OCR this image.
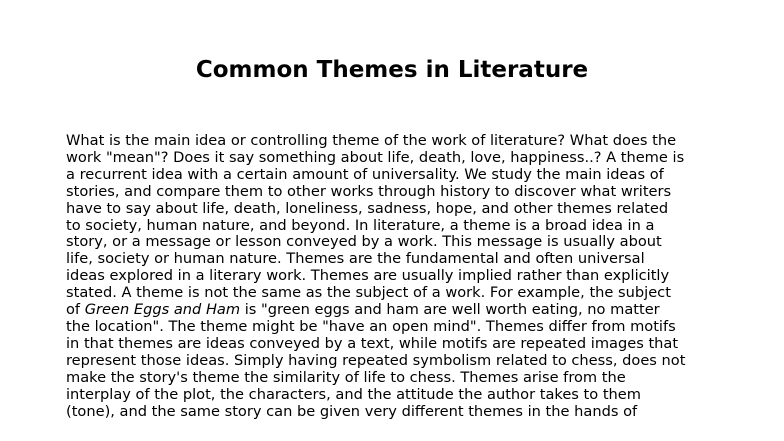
Common Themes in Literature
What is the main idea or controlling theme of the work of literature? What does the
work "mean"? Does it say something about life, death, love, happiness..? A theme is
a recurrent idea with a certain amount of universality. We study the main ideas of
stories, and compare them to other works through history to discover what writers
have to say about life, death, loneliness, sadness, hope, and other themes related
to society, human nature, and beyond. In literature, a theme is a broad idea in a
story, or a message or lesson conveyed by a work. This message is usually about
life, society or human nature. Themes are the fundamental and often universal
ideas explored in a literary work. Themes are usually implied rather than explicitly
stated. A theme is not the same as the subject of a work. For example, the subject
of Green Eggs and Ham is "green eggs and ham are well worth eating, no matter
the location". The theme might be "have an open mind". Themes differ from motifs
in that themes are ideas conveyed by a text, while motifs are repeated images that
represent those ideas. Simply having repeated symbolism related to chess, does not
make the story's theme the similarity of life to chess. Themes arise from the
interplay of the plot, the characters, and the attitude the author takes to them
(tone), and the same story can be given very different themes in the hands of
